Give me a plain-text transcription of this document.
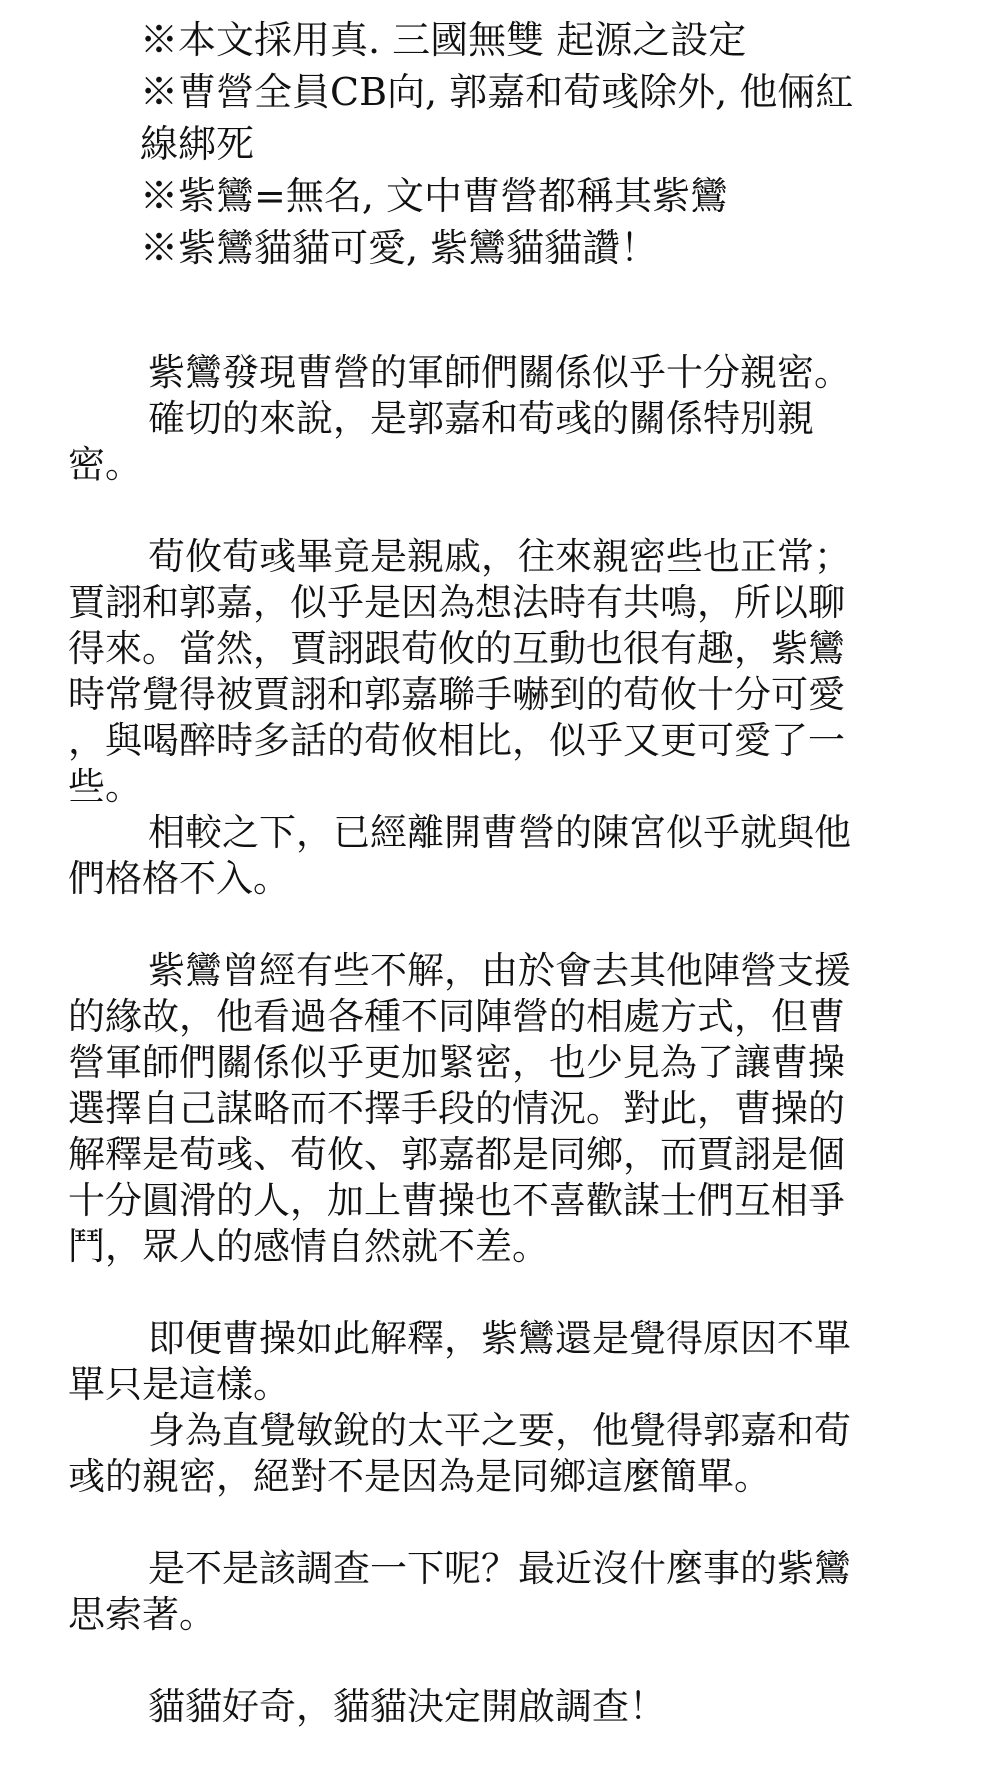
※本文採用真. 三國無雙 起源之設定
※曹營全員CB向, 郭嘉和荀彧除外, 他倆紅
線綁死
※紫鸞=無名, 文中曹營都稱其紫鸞
※紫鸞貓貓可愛, 紫鸞貓貓讚！
紫鸞發現曹營的軍師們關係似乎十分親密。
確切的來說，是郭嘉和荀彧的關係特別親
密。
荀攸荀彧畢竟是親戚，往來親密些也正常；
賈詡和郭嘉，似乎是因為想法時有共鳴，所以聊
得來。當然，賈詡跟荀攸的互動也很有趣，紫鸞
時常覺得被賈詡和郭嘉聯手嚇到的荀攸十分可愛
，與喝醉時多話的荀攸相比，似乎又更可愛了一
些。
相較之下，已經離開曹營的陳宮似乎就與他
們格格不入。
紫鸞曾經有些不解，由於會去其他陣營支援
的緣故，他看過各種不同陣營的相處方式，但曹
營軍師們關係似乎更加緊密，也少見為了讓曹操
選擇自己謀略而不擇手段的情況。對此，曹操的
解釋是荀彧、荀攸、郭嘉都是同鄉，而賈詡是個
十分圓滑的人，加上曹操也不喜歡謀士們互相爭
鬥，眾人的感情自然就不差。
即便曹操如此解釋，紫鸞還是覺得原因不單
單只是這樣。
身為直覺敏銳的太平之要，他覺得郭嘉和荀
彧的親密，絕對不是因為是同鄉這麼簡單。
是不是該調查一下呢？最近沒什麼事的紫鸞
思索著。
貓貓好奇，貓貓決定開啟調查！
